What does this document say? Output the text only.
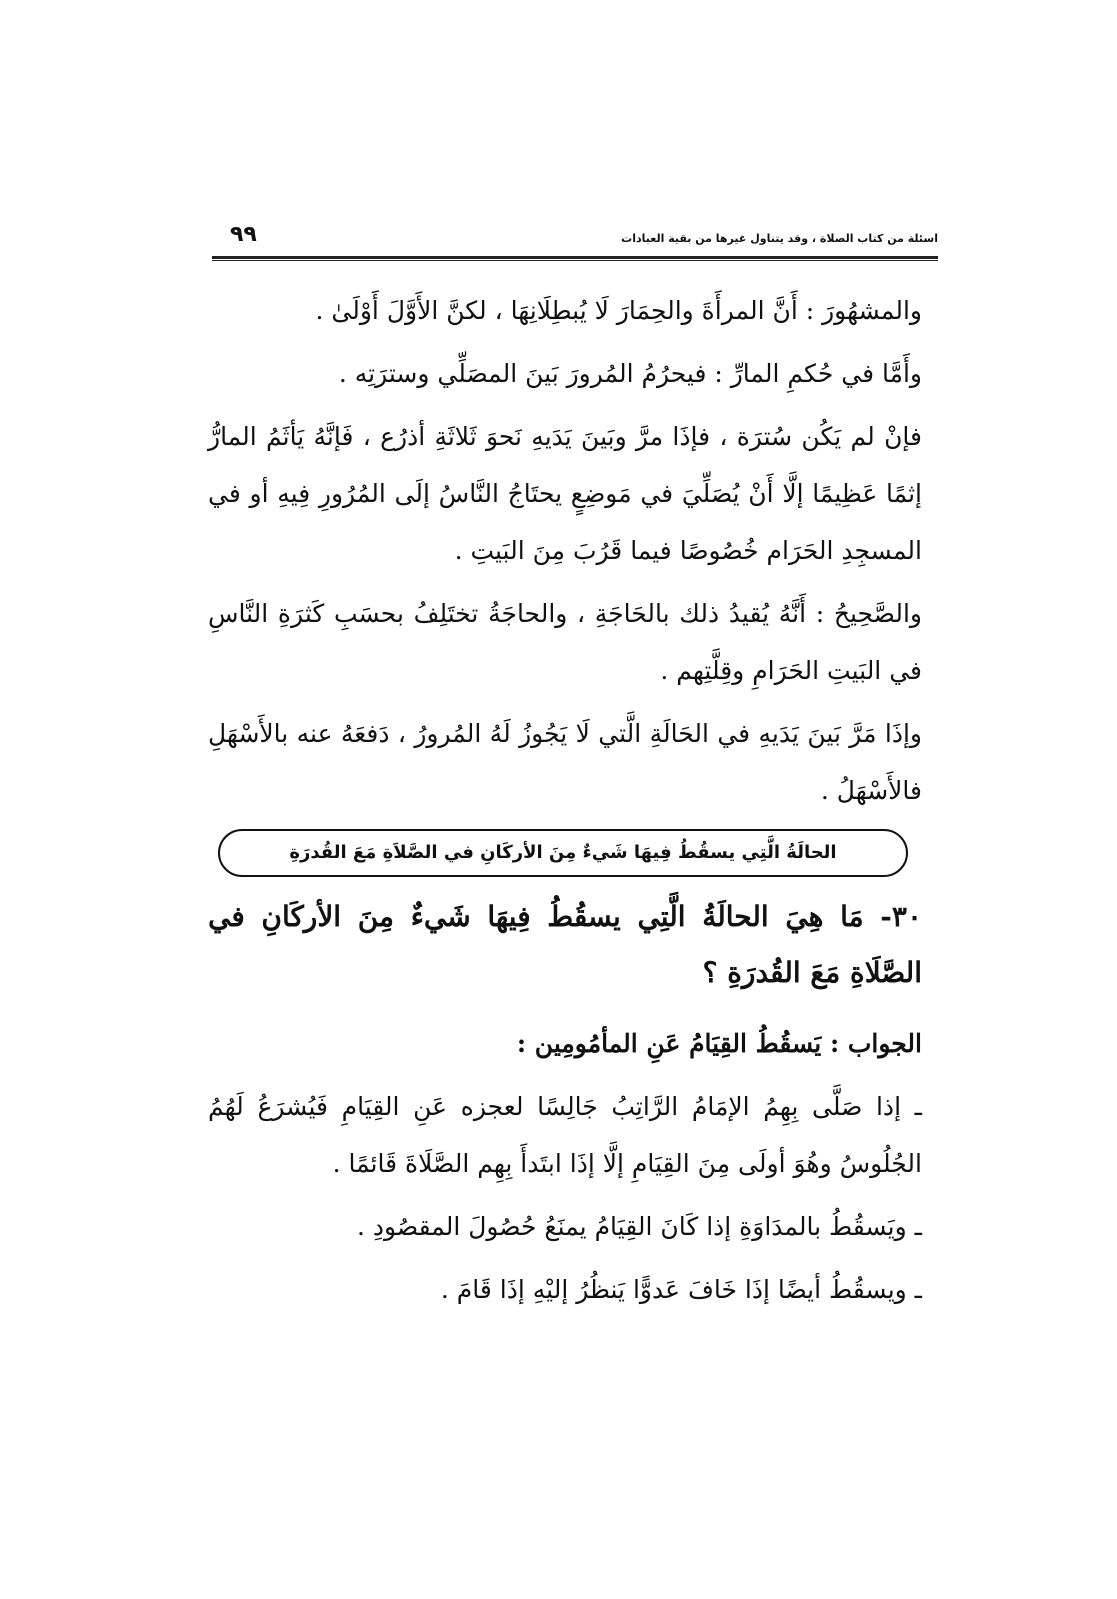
اسئلة من كتاب الصلاة ، وقد يتناول غيرها من بقية العبادات
٩٩

والمشهُورَ : أَنَّ المرأَةَ والحِمَارَ لَا يُبطِلَانِهَا ، لكنَّ الأَوَّلَ أَوْلَىٰ .

وأَمَّا في حُكمِ المارِّ : فيحرُمُ المُرورَ بَينَ المصَلِّي وسترَتِه .

فإنْ لم يَكُن سُترَة ، فإذَا مرَّ وبَينَ يَدَيهِ نَحوَ ثَلاثَةِ أذرُع ، فَإنَّهُ يَأثَمُ المارُّ إثمًا عَظِيمًا إلَّا أَنْ يُصَلِّيَ في مَوضِعٍ يحتَاجُ النَّاسُ إلَى المُرُورِ فِيهِ أو في المسجِدِ الحَرَام خُصُوصًا فيما قَرُبَ مِنَ البَيتِ .

والصَّحِيحُ : أَنَّهُ يُقيدُ ذلك بالحَاجَةِ ، والحاجَةُ تختَلِفُ بحسَبِ كَثرَةِ النَّاسِ في البَيتِ الحَرَامِ وقِلَّتِهم .

وإذَا مَرَّ بَينَ يَدَيهِ في الحَالَةِ الَّتي لَا يَجُوزُ لَهُ المُرورُ ، دَفعَهُ عنه بالأَسْهَلِ فالأَسْهَلُ .

الحالَةُ الَّتِي يسقُطُ فِيهَا شَيءٌ مِنَ الأركَانِ في الصَّلاَةِ مَعَ القُدرَةِ

٣٠- مَا هِيَ الحالَةُ الَّتِي يسقُطُ فِيهَا شَيءٌ مِنَ الأركَانِ في الصَّلَاةِ مَعَ القُدرَةِ ؟

الجواب : يَسقُطُ القِيَامُ عَنِ المأمُومِين :

ـ إذا صَلَّى بِهِمُ الإمَامُ الرَّاتِبُ جَالِسًا لعجزه عَنِ القِيَامِ فَيُشرَعُ لَهُمُ الجُلُوسُ وهُوَ أولَى مِنَ القِيَامِ إلَّا إذَا ابتَدأَ بِهِم الصَّلَاةَ قَائمًا .

ـ ويَسقُطُ بالمدَاوَةِ إذا كَانَ القِيَامُ يمنَعُ حُصُولَ المقصُودِ .

ـ ويسقُطُ أيضًا إذَا خَافَ عَدوًّا يَنظُرُ إليْهِ إذَا قَامَ .
